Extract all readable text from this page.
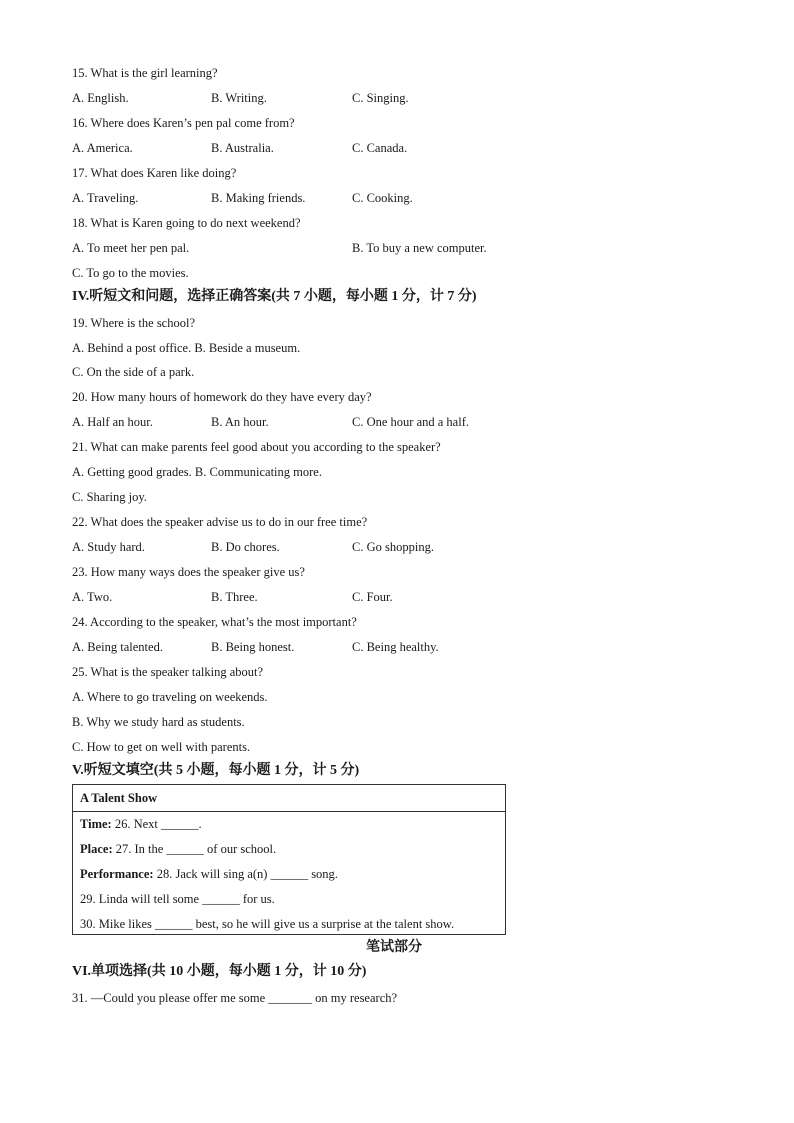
15. What is the girl learning?
A. English.	B. Writing.	C. Singing.
16. Where does Karen’s pen pal come from?
A. America.	B. Australia.	C. Canada.
17. What does Karen like doing?
A. Traveling.	B. Making friends.	C. Cooking.
18. What is Karen going to do next weekend?
A. To meet her pen pal.	B. To buy a new computer.
C. To go to the movies.
IV.听短文和问题，选择正确答案(共 7 小题，每小题 1 分，计 7 分)
19. Where is the school?
A. Behind a post office. B. Beside a museum.
C. On the side of a park.
20. How many hours of homework do they have every day?
A. Half an hour.	B. An hour.	C. One hour and a half.
21. What can make parents feel good about you according to the speaker?
A. Getting good grades. B. Communicating more.
C. Sharing joy.
22. What does the speaker advise us to do in our free time?
A. Study hard.	B. Do chores.	C. Go shopping.
23. How many ways does the speaker give us?
A. Two.	B. Three.	C. Four.
24. According to the speaker, what’s the most important?
A. Being talented.	B. Being honest.	C. Being healthy.
25. What is the speaker talking about?
A. Where to go traveling on weekends.
B. Why we study hard as students.
C. How to get on well with parents.
V.听短文填空(共 5 小题，每小题 1 分，计 5 分)
A Talent Show
Time: 26. Next ______.
Place: 27. In the ______ of our school.
Performance: 28. Jack will sing a(n) ______ song.
29. Linda will tell some ______ for us.
30. Mike likes ______ best, so he will give us a surprise at the talent show.
笔试部分
VI.单项选择(共 10 小题，每小题 1 分，计 10 分)
31. —Could you please offer me some _______ on my research?
